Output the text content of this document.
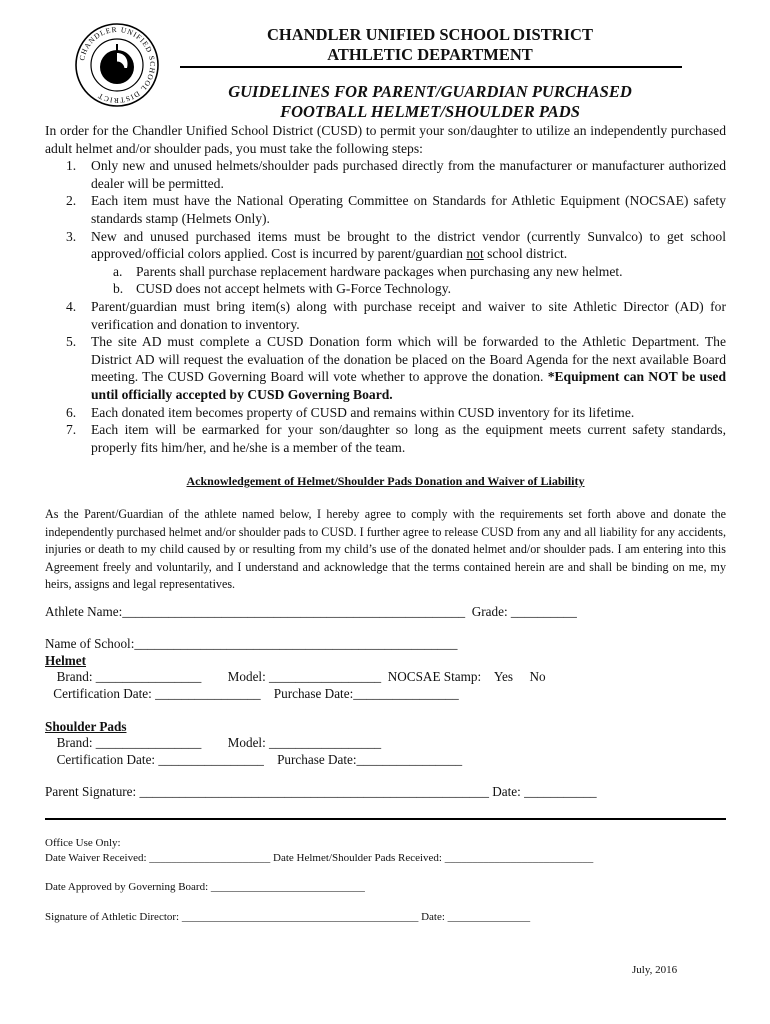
CHANDLER UNIFIED SCHOOL DISTRICT
CHANDLER UNIFIED SCHOOL DISTRICT
ATHLETIC DEPARTMENT
GUIDELINES FOR PARENT/GUARDIAN PURCHASED
FOOTBALL HELMET/SHOULDER PADS

In order for the Chandler Unified School District (CUSD) to permit your son/daughter to utilize an independently purchased adult helmet and/or shoulder pads, you must take the following steps:

1. Only new and unused helmets/shoulder pads purchased directly from the manufacturer or manufacturer authorized dealer will be permitted.
2. Each item must have the National Operating Committee on Standards for Athletic Equipment (NOCSAE) safety standards stamp (Helmets Only).
3. New and unused purchased items must be brought to the district vendor (currently Sunvalco) to get school approved/official colors applied. Cost is incurred by parent/guardian not school district.
a. Parents shall purchase replacement hardware packages when purchasing any new helmet.
b. CUSD does not accept helmets with G-Force Technology.
4. Parent/guardian must bring item(s) along with purchase receipt and waiver to site Athletic Director (AD) for verification and donation to inventory.
5. The site AD must complete a CUSD Donation form which will be forwarded to the Athletic Department. The District AD will request the evaluation of the donation be placed on the Board Agenda for the next available Board meeting. The CUSD Governing Board will vote whether to approve the donation. *Equipment can NOT be used until officially accepted by CUSD Governing Board.
6. Each donated item becomes property of CUSD and remains within CUSD inventory for its lifetime.
7. Each item will be earmarked for your son/daughter so long as the equipment meets current safety standards, properly fits him/her, and he/she is a member of the team.
Acknowledgement of Helmet/Shoulder Pads Donation and Waiver of Liability

As the Parent/Guardian of the athlete named below, I hereby agree to comply with the requirements set forth above and donate the independently purchased helmet and/or shoulder pads to CUSD. I further agree to release CUSD from any and all liability for any accidents, injuries or death to my child caused by or resulting from my child’s use of the donated helmet and/or shoulder pads. I am entering into this Agreement freely and voluntarily, and I understand and acknowledge that the terms contained herein are and shall be binding on me, my heirs, assigns and legal representatives.

Athlete Name:____________________________________________________  Grade: __________
Name of School:_________________________________________________
Helmet
Brand: ________________        Model: _________________  NOCSAE Stamp:    Yes     No
Certification Date: ________________    Purchase Date:________________
Shoulder Pads
Brand: ________________        Model: _________________
Certification Date: ________________    Purchase Date:________________
Parent Signature: _____________________________________________________ Date: ___________
Office Use Only:
Date Waiver Received: ______________________ Date Helmet/Shoulder Pads Received: ___________________________
Date Approved by Governing Board: ____________________________
Signature of Athletic Director: ___________________________________________ Date: _______________
July, 2016
